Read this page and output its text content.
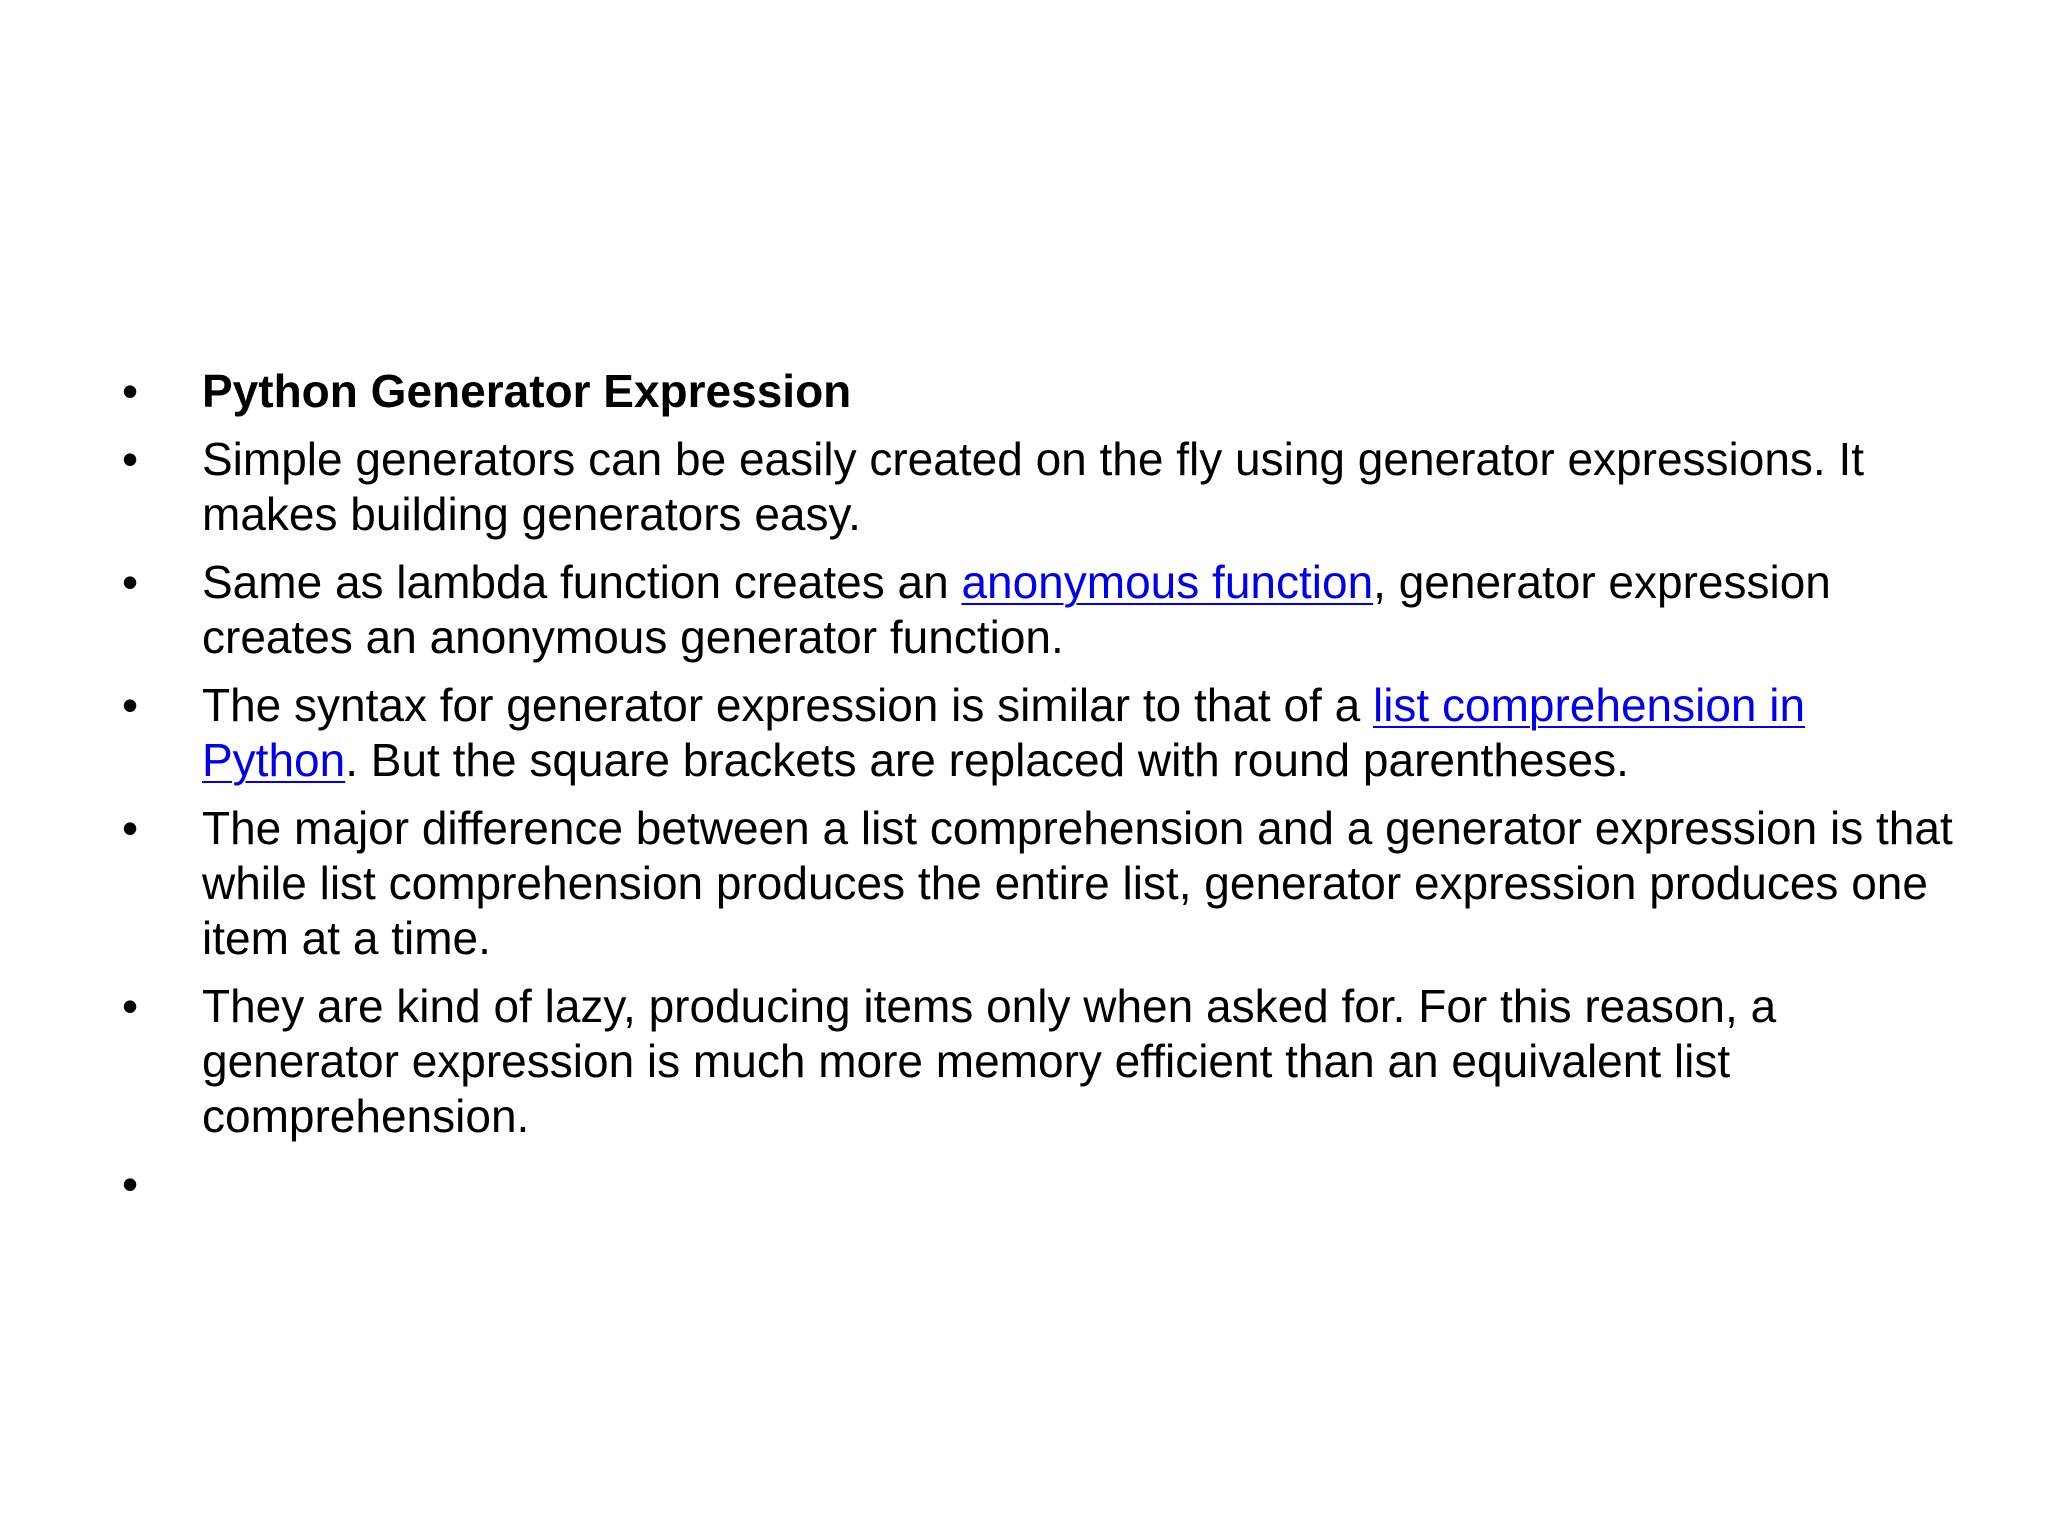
•	Python Generator Expression
•	Simple generators can be easily created on the fly using generator expressions. It makes building generators easy.
•	Same as lambda function creates an anonymous function, generator expression creates an anonymous generator function.
•	The syntax for generator expression is similar to that of a list comprehension in Python. But the square brackets are replaced with round parentheses.
•	The major difference between a list comprehension and a generator expression is that while list comprehension produces the entire list, generator expression produces one item at a time.
•	They are kind of lazy, producing items only when asked for. For this reason, a generator expression is much more memory efficient than an equivalent list comprehension.
•
